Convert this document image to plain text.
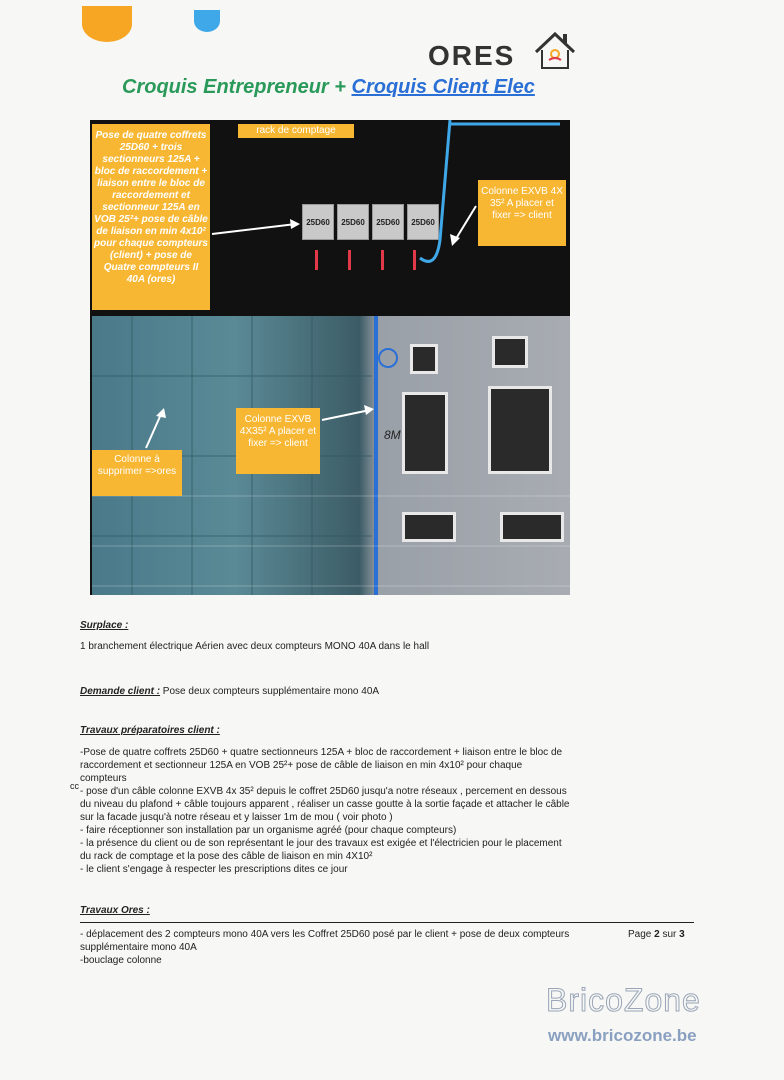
ORES
Croquis Entrepreneur + Croquis Client Elec
8M
Pose de quatre coffrets 25D60 + trois sectionneurs 125A + bloc de raccordement + liaison entre le bloc de raccordement et sectionneur 125A en VOB 25²+ pose de câble de liaison en min 4x10² pour chaque compteurs (client) + pose de Quatre compteurs II 40A (ores)
rack de comptage
Colonne EXVB 4X 35² A placer et fixer => client
Colonne EXVB 4X35² A placer et fixer => client
Colonne à supprimer =>ores
25D60	25D60	25D60	25D60
Surplace :
1 branchement électrique Aérien avec deux compteurs MONO 40A dans le hall
Demande client : Pose deux compteurs supplémentaire mono 40A
Travaux préparatoires client :
cc
-Pose de quatre coffrets 25D60 + quatre sectionneurs 125A + bloc de raccordement + liaison entre le bloc de
raccordement et sectionneur 125A en VOB 25²+ pose de câble de liaison en min 4x10² pour chaque
compteurs
- pose d'un câble colonne EXVB 4x 35² depuis le coffret 25D60 jusqu'a notre réseaux , percement en dessous
du niveau du plafond + câble toujours apparent , réaliser un casse goutte à la sortie façade et attacher le câble
sur la facade jusqu'à notre réseau et y laisser 1m de mou ( voir photo )
- faire réceptionner son installation par un organisme agréé (pour chaque compteurs)
- la présence du client ou de son représentant le jour des travaux est exigée et l'électricien pour le placement
du rack de comptage et la pose des câble de liaison en min 4X10²
- le client s'engage à respecter les prescriptions dites ce jour
Travaux Ores :
- déplacement des 2 compteurs mono 40A vers les Coffret 25D60 posé par le client + pose de deux compteurs
supplémentaire mono 40A
-bouclage colonne
Page 2 sur 3
BricoZone
www.bricozone.be
